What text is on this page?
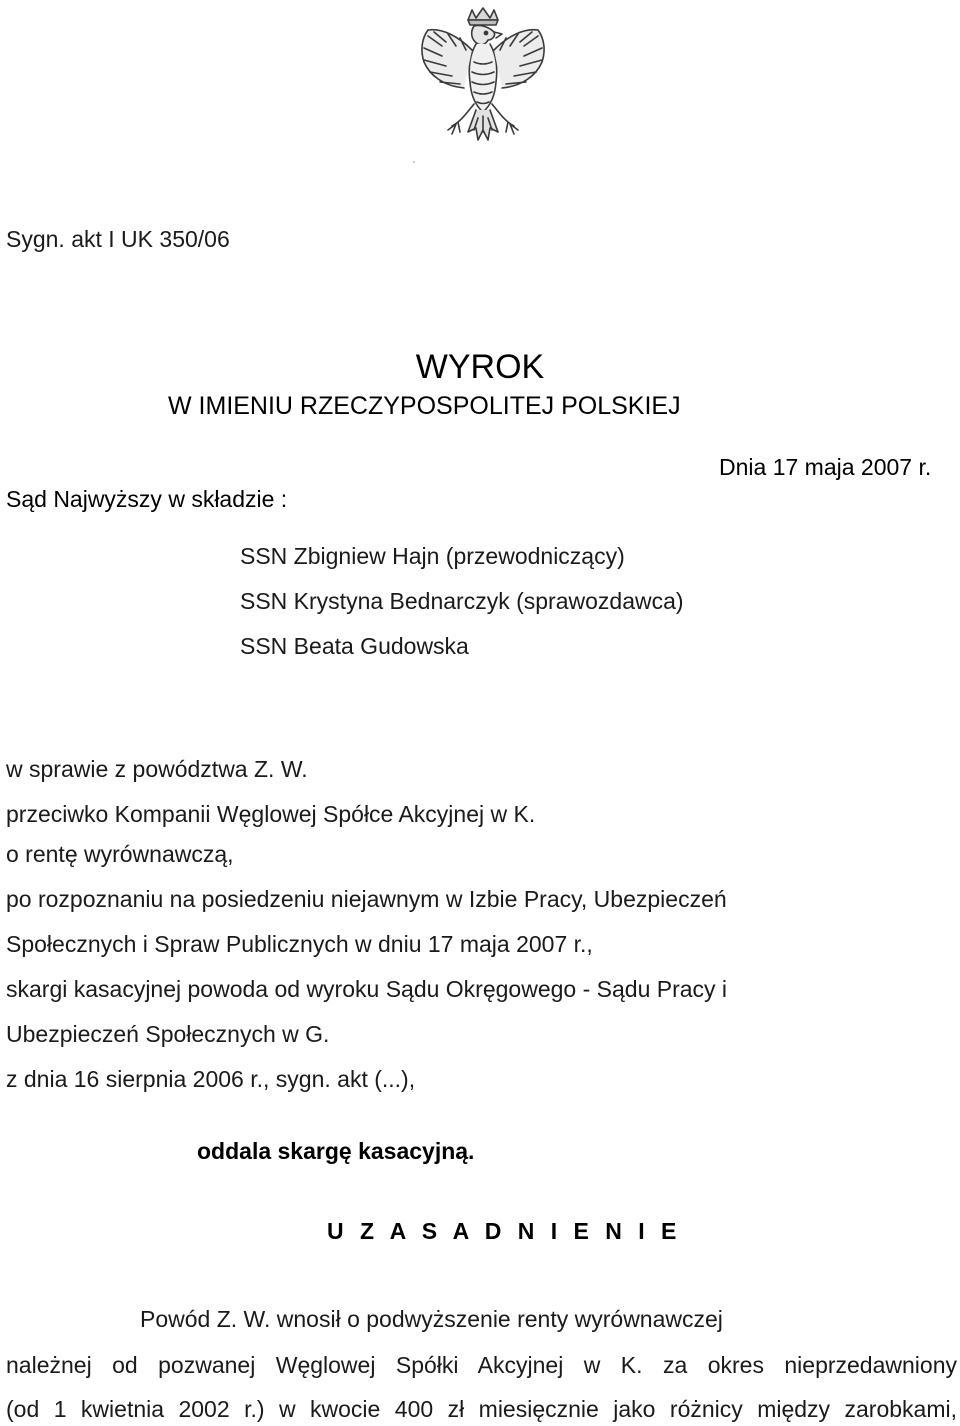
Sygn. akt I UK 350/06

WYROK

W IMIENIU RZECZYPOSPOLITEJ POLSKIEJ

Dnia 17 maja 2007 r.

Sąd Najwyższy w składzie :

SSN Zbigniew Hajn (przewodniczący)

SSN Krystyna Bednarczyk (sprawozdawca)

SSN Beata Gudowska

w sprawie z powództwa Z. W.

przeciwko Kompanii Węglowej Spółce Akcyjnej w K.

o rentę wyrównawczą,

po rozpoznaniu na posiedzeniu niejawnym w Izbie Pracy, Ubezpieczeń

Społecznych i Spraw Publicznych w dniu 17 maja 2007 r.,

skargi kasacyjnej powoda od wyroku Sądu Okręgowego - Sądu Pracy i

Ubezpieczeń Społecznych w G.

z dnia 16 sierpnia 2006 r., sygn. akt (...),

oddala skargę kasacyjną.

U Z A S A D N I E N I E

Powód Z. W. wnosił o podwyższenie renty wyrównawczej

należnej od pozwanej Węglowej Spółki Akcyjnej w K. za okres nieprzedawniony

(od 1 kwietnia 2002 r.) w kwocie 400 zł miesięcznie jako różnicy między zarobkami,
